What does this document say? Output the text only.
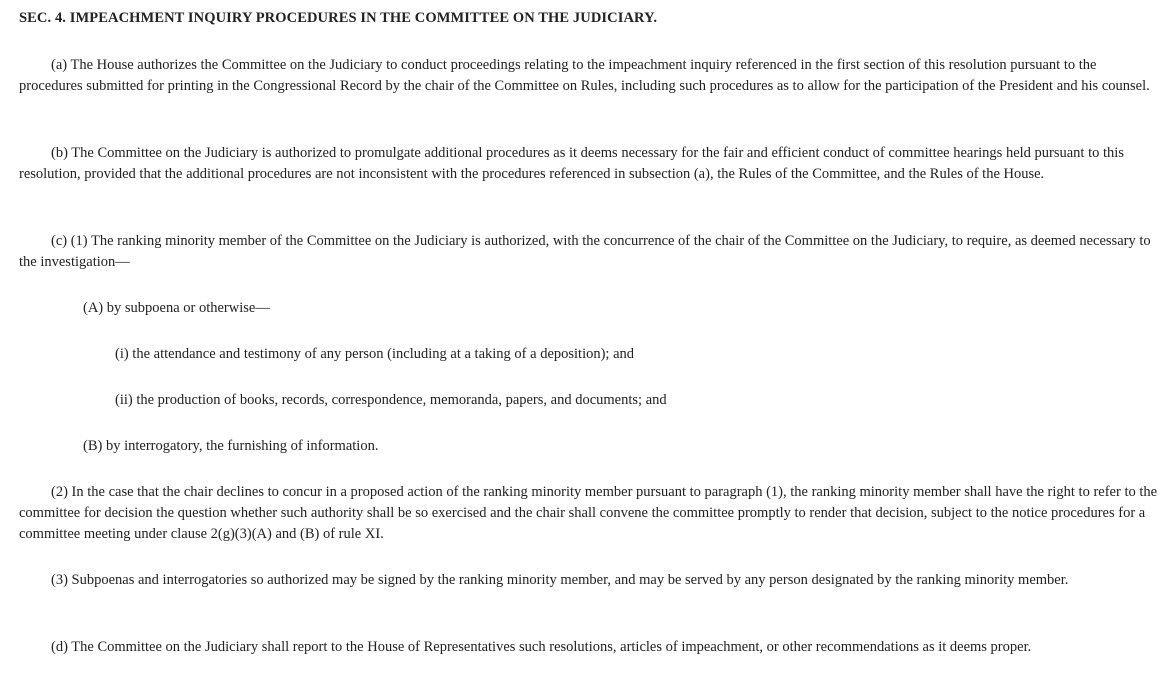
SEC. 4. IMPEACHMENT INQUIRY PROCEDURES IN THE COMMITTEE ON THE JUDICIARY.

(a) The House authorizes the Committee on the Judiciary to conduct proceedings relating to the impeachment inquiry referenced in the first section of this resolution pursuant to the procedures submitted for printing in the Congressional Record by the chair of the Committee on Rules, including such procedures as to allow for the participation of the President and his counsel.

(b) The Committee on the Judiciary is authorized to promulgate additional procedures as it deems necessary for the fair and efficient conduct of committee hearings held pursuant to this resolution, provided that the additional procedures are not inconsistent with the procedures referenced in subsection (a), the Rules of the Committee, and the Rules of the House.

(c) (1) The ranking minority member of the Committee on the Judiciary is authorized, with the concurrence of the chair of the Committee on the Judiciary, to require, as deemed necessary to the investigation—

(A) by subpoena or otherwise—

(i) the attendance and testimony of any person (including at a taking of a deposition); and

(ii) the production of books, records, correspondence, memoranda, papers, and documents; and

(B) by interrogatory, the furnishing of information.

(2) In the case that the chair declines to concur in a proposed action of the ranking minority member pursuant to paragraph (1), the ranking minority member shall have the right to refer to the committee for decision the question whether such authority shall be so exercised and the chair shall convene the committee promptly to render that decision, subject to the notice procedures for a committee meeting under clause 2(g)(3)(A) and (B) of rule XI.

(3) Subpoenas and interrogatories so authorized may be signed by the ranking minority member, and may be served by any person designated by the ranking minority member.

(d) The Committee on the Judiciary shall report to the House of Representatives such resolutions, articles of impeachment, or other recommendations as it deems proper.
